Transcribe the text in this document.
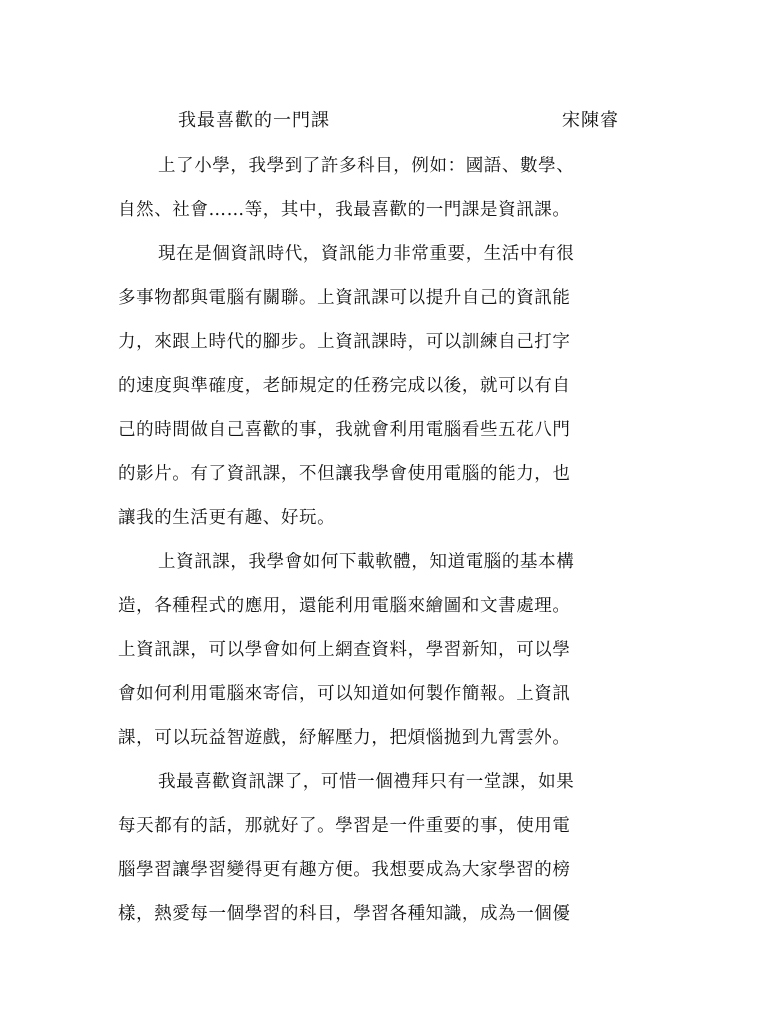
我最喜歡的一門課	宋陳睿
上了小學，我學到了許多科目，例如：國語、數學、
自然、社會……等，其中，我最喜歡的一門課是資訊課。
現在是個資訊時代，資訊能力非常重要，生活中有很
多事物都與電腦有關聯。上資訊課可以提升自己的資訊能
力，來跟上時代的腳步。上資訊課時，可以訓練自己打字
的速度與準確度，老師規定的任務完成以後，就可以有自
己的時間做自己喜歡的事，我就會利用電腦看些五花八門
的影片。有了資訊課，不但讓我學會使用電腦的能力，也
讓我的生活更有趣、好玩。
上資訊課，我學會如何下載軟體，知道電腦的基本構
造，各種程式的應用，還能利用電腦來繪圖和文書處理。
上資訊課，可以學會如何上網查資料，學習新知，可以學
會如何利用電腦來寄信，可以知道如何製作簡報。上資訊
課，可以玩益智遊戲，紓解壓力，把煩惱拋到九霄雲外。
我最喜歡資訊課了，可惜一個禮拜只有一堂課，如果
每天都有的話，那就好了。學習是一件重要的事，使用電
腦學習讓學習變得更有趣方便。我想要成為大家學習的榜
樣，熱愛每一個學習的科目，學習各種知識，成為一個優
